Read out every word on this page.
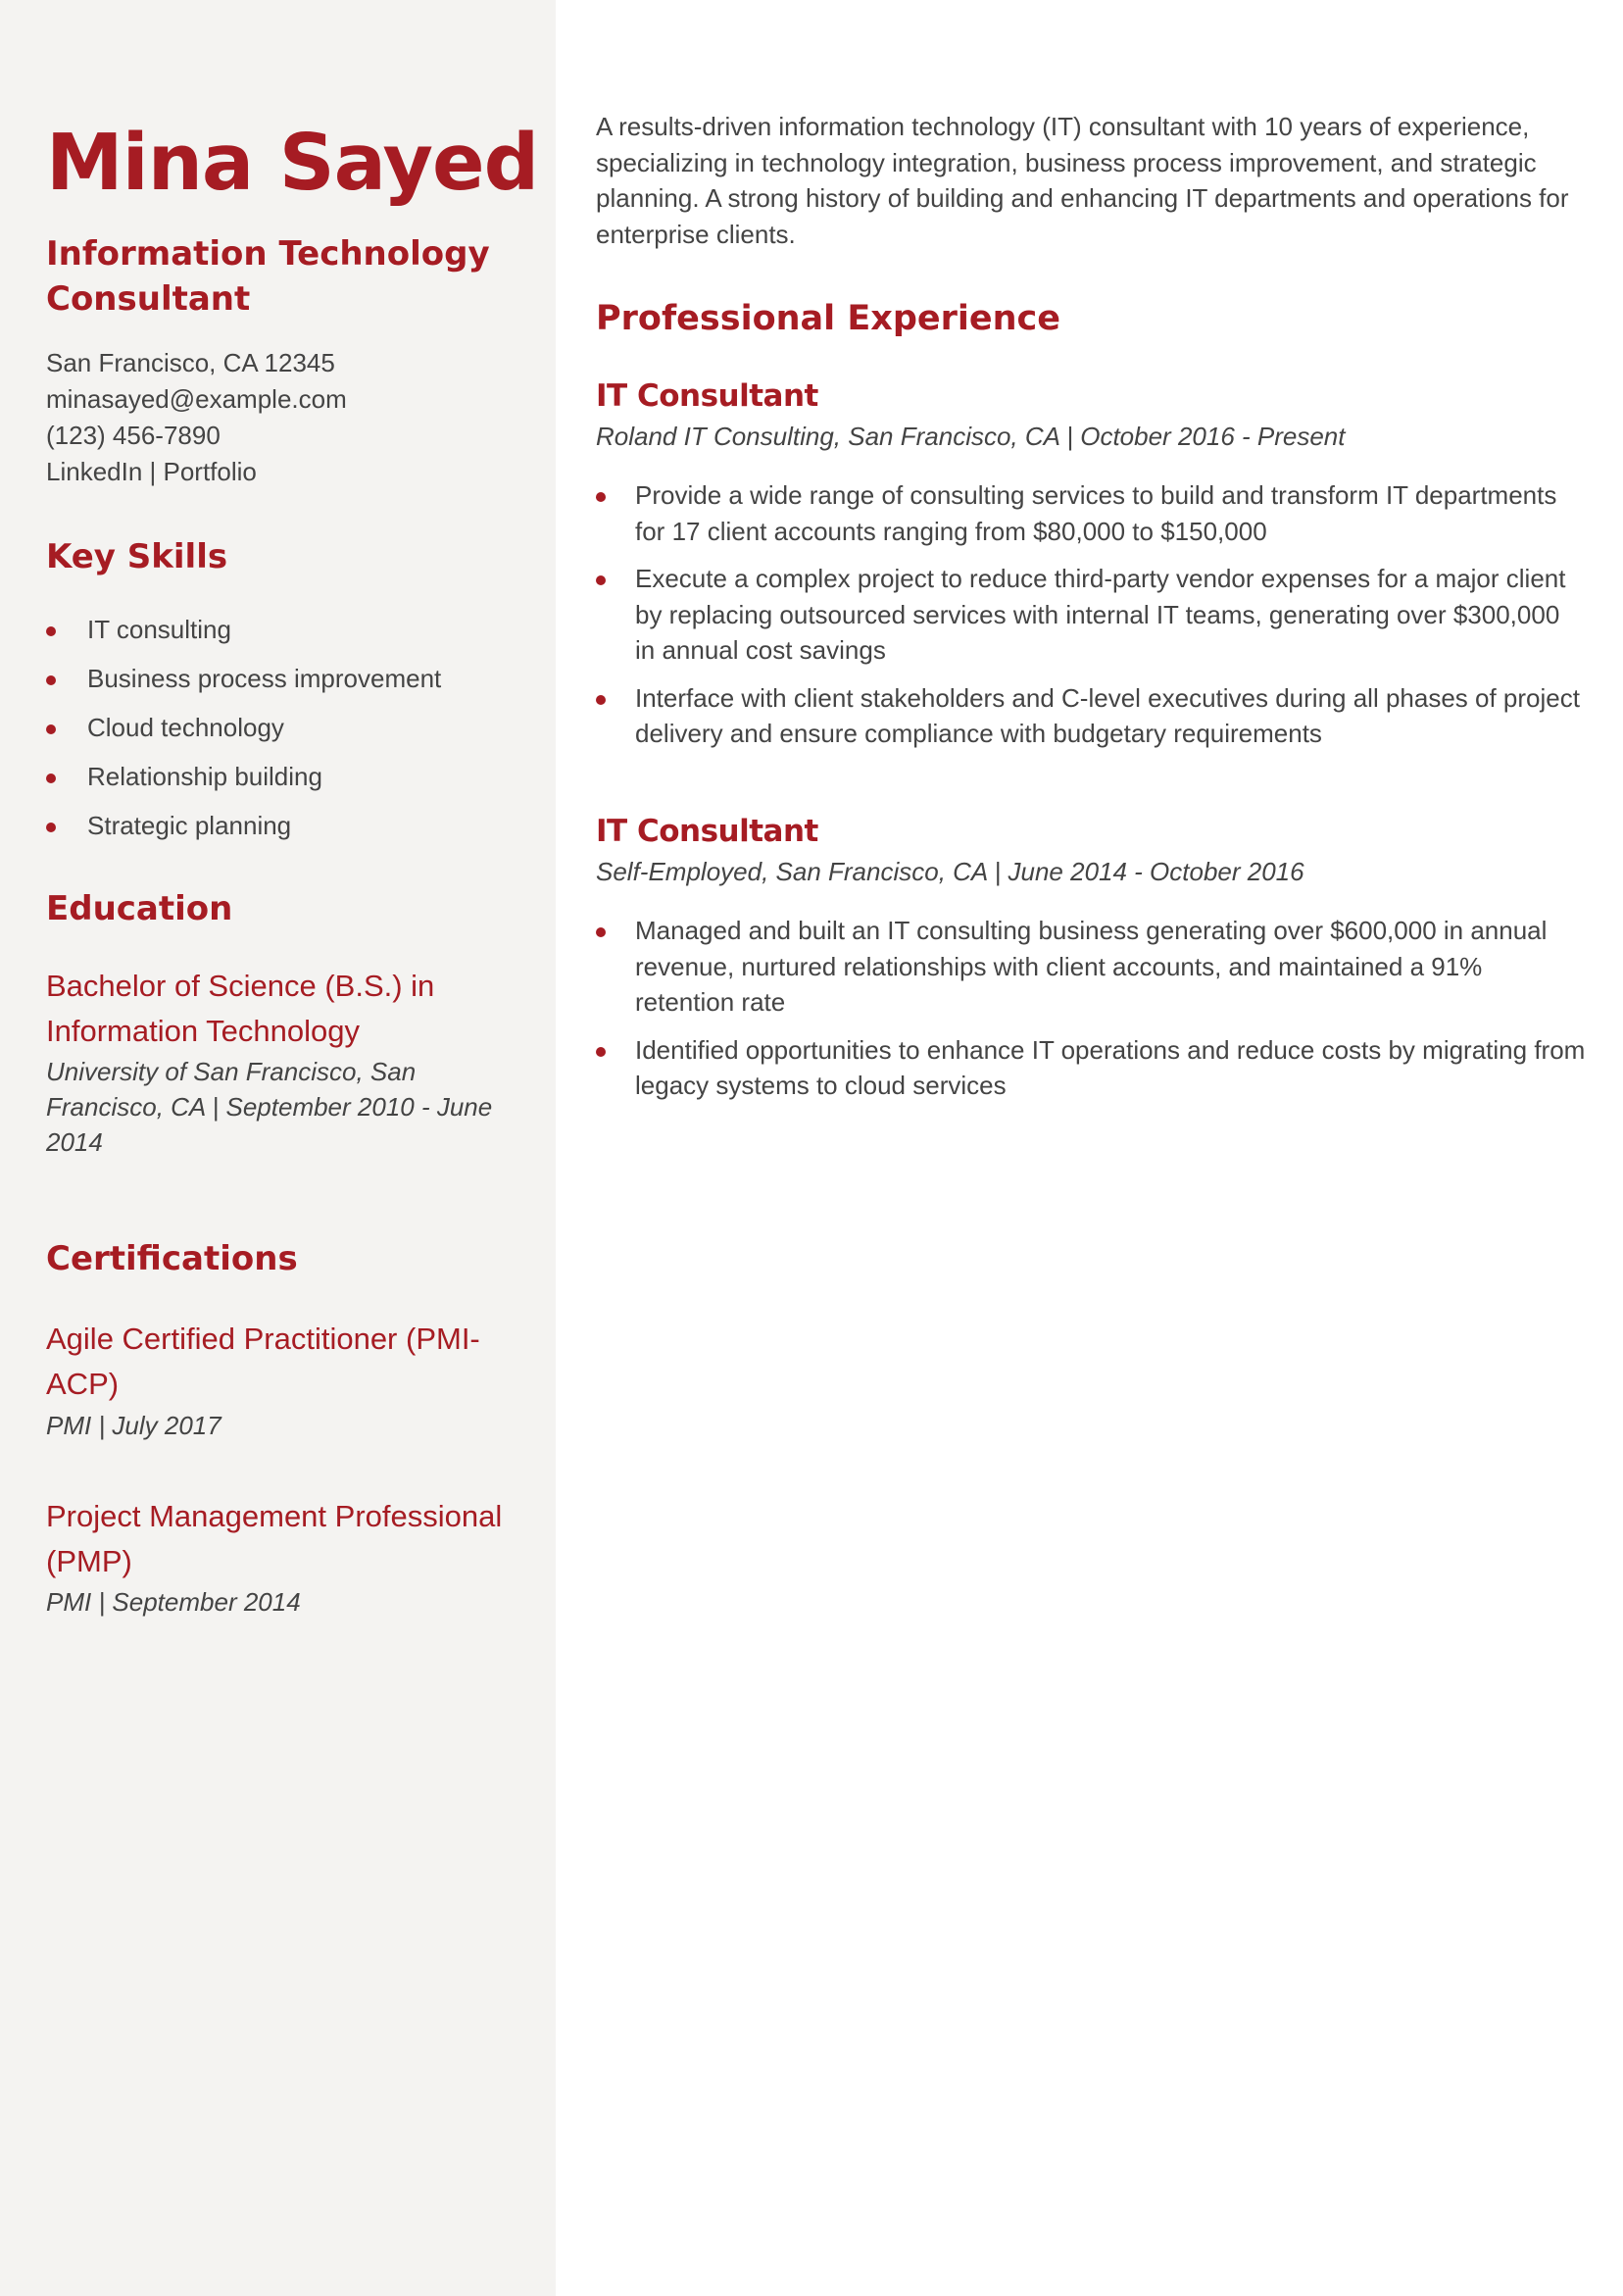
Mina Sayed
Information Technology Consultant
San Francisco, CA 12345
minasayed@example.com
(123) 456-7890
LinkedIn | Portfolio
Key Skills
IT consulting
Business process improvement
Cloud technology
Relationship building
Strategic planning
Education

Bachelor of Science (B.S.) in Information Technology

University of San Francisco, San Francisco, CA | September 2010 - June 2014

Certifications

Agile Certified Practitioner (PMI-ACP)

PMI | July 2017

Project Management Professional (PMP)

PMI | September 2014

A results-driven information technology (IT) consultant with 10 years of experience, specializing in technology integration, business process improvement, and strategic planning. A strong history of building and enhancing IT departments and operations for enterprise clients.

Professional Experience
IT Consultant

Roland IT Consulting, San Francisco, CA | October 2016 - Present

Provide a wide range of consulting services to build and transform IT departments for 17 client accounts ranging from $80,000 to $150,000
Execute a complex project to reduce third-party vendor expenses for a major client by replacing outsourced services with internal IT teams, generating over $300,000 in annual cost savings
Interface with client stakeholders and C-level executives during all phases of project delivery and ensure compliance with budgetary requirements
IT Consultant

Self-Employed, San Francisco, CA | June 2014 - October 2016

Managed and built an IT consulting business generating over $600,000 in annual revenue, nurtured relationships with client accounts, and maintained a 91% retention rate
Identified opportunities to enhance IT operations and reduce costs by migrating from legacy systems to cloud services
